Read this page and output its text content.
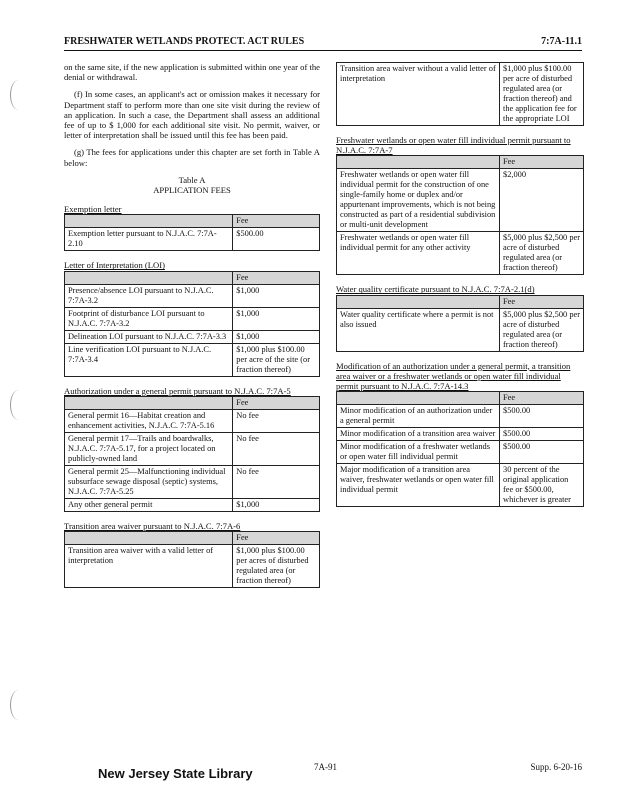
FRESHWATER WETLANDS PROTECT. ACT RULES	7:7A-11.1

on the same site, if the new application is submitted within one year of the denial or withdrawal.

(f) In some cases, an applicant's act or omission makes it necessary for Department staff to perform more than one site visit during the review of an application. In such a case, the Department shall assess an additional fee of up to $ 1,000 for each additional site visit. No permit, waiver, or letter of interpretation shall be issued until this fee has been paid.

(g) The fees for applications under this chapter are set forth in Table A below:

Table A
APPLICATION FEES
Exemption letter
	Fee
Exemption letter pursuant to N.J.A.C. 7:7A-2.10	$500.00
Letter of Interpretation (LOI)
	Fee
Presence/absence LOI pursuant to N.J.A.C. 7:7A-3.2	$1,000
Footprint of disturbance LOI pursuant to N.J.A.C. 7:7A-3.2	$1,000
Delineation LOI pursuant to N.J.A.C. 7:7A-3.3	$1,000
Line verification LOI pursuant to N.J.A.C. 7:7A-3.4	$1,000 plus $100.00 per acre of the site (or fraction thereof)
Authorization under a general permit pursuant to N.J.A.C. 7:7A-5
	Fee
General permit 16—Habitat creation and enhancement activities, N.J.A.C. 7:7A-5.16	No fee
General permit 17—Trails and boardwalks, N.J.A.C. 7:7A-5.17, for a project located on publicly-owned land	No fee
General permit 25—Malfunctioning individual subsurface sewage disposal (septic) systems, N.J.A.C. 7:7A-5.25	No fee
Any other general permit	$1,000
Transition area waiver pursuant to N.J.A.C. 7:7A-6
	Fee
Transition area waiver with a valid letter of interpretation	$1,000 plus $100.00 per acres of disturbed regulated area (or fraction thereof)
Transition area waiver without a valid letter of interpretation	$1,000 plus $100.00 per acre of disturbed regulated area (or fraction thereof) and the application fee for the appropriate LOI
Freshwater wetlands or open water fill individual permit pursuant to N.J.A.C. 7:7A-7
	Fee
Freshwater wetlands or open water fill individual permit for the construction of one single-family home or duplex and/or appurtenant improvements, which is not being constructed as part of a residential subdivision or multi-unit development	$2,000
Freshwater wetlands or open water fill individual permit for any other activity	$5,000 plus $2,500 per acre of disturbed regulated area (or fraction thereof)
Water quality certificate pursuant to N.J.A.C. 7:7A-2.1(d)
	Fee
Water quality certificate where a permit is not also issued	$5,000 plus $2,500 per acre of disturbed regulated area (or fraction thereof)
Modification of an authorization under a general permit, a transition area waiver or a freshwater wetlands or open water fill individual permit pursuant to N.J.A.C. 7:7A-14.3
	Fee
Minor modification of an authorization under a general permit	$500.00
Minor modification of a transition area waiver	$500.00
Minor modification of a freshwater wetlands or open water fill individual permit	$500.00
Major modification of a transition area waiver, freshwater wetlands or open water fill individual permit	30 percent of the original application fee or $500.00, whichever is greater
New Jersey State Library	7A-91	Supp. 6-20-16
